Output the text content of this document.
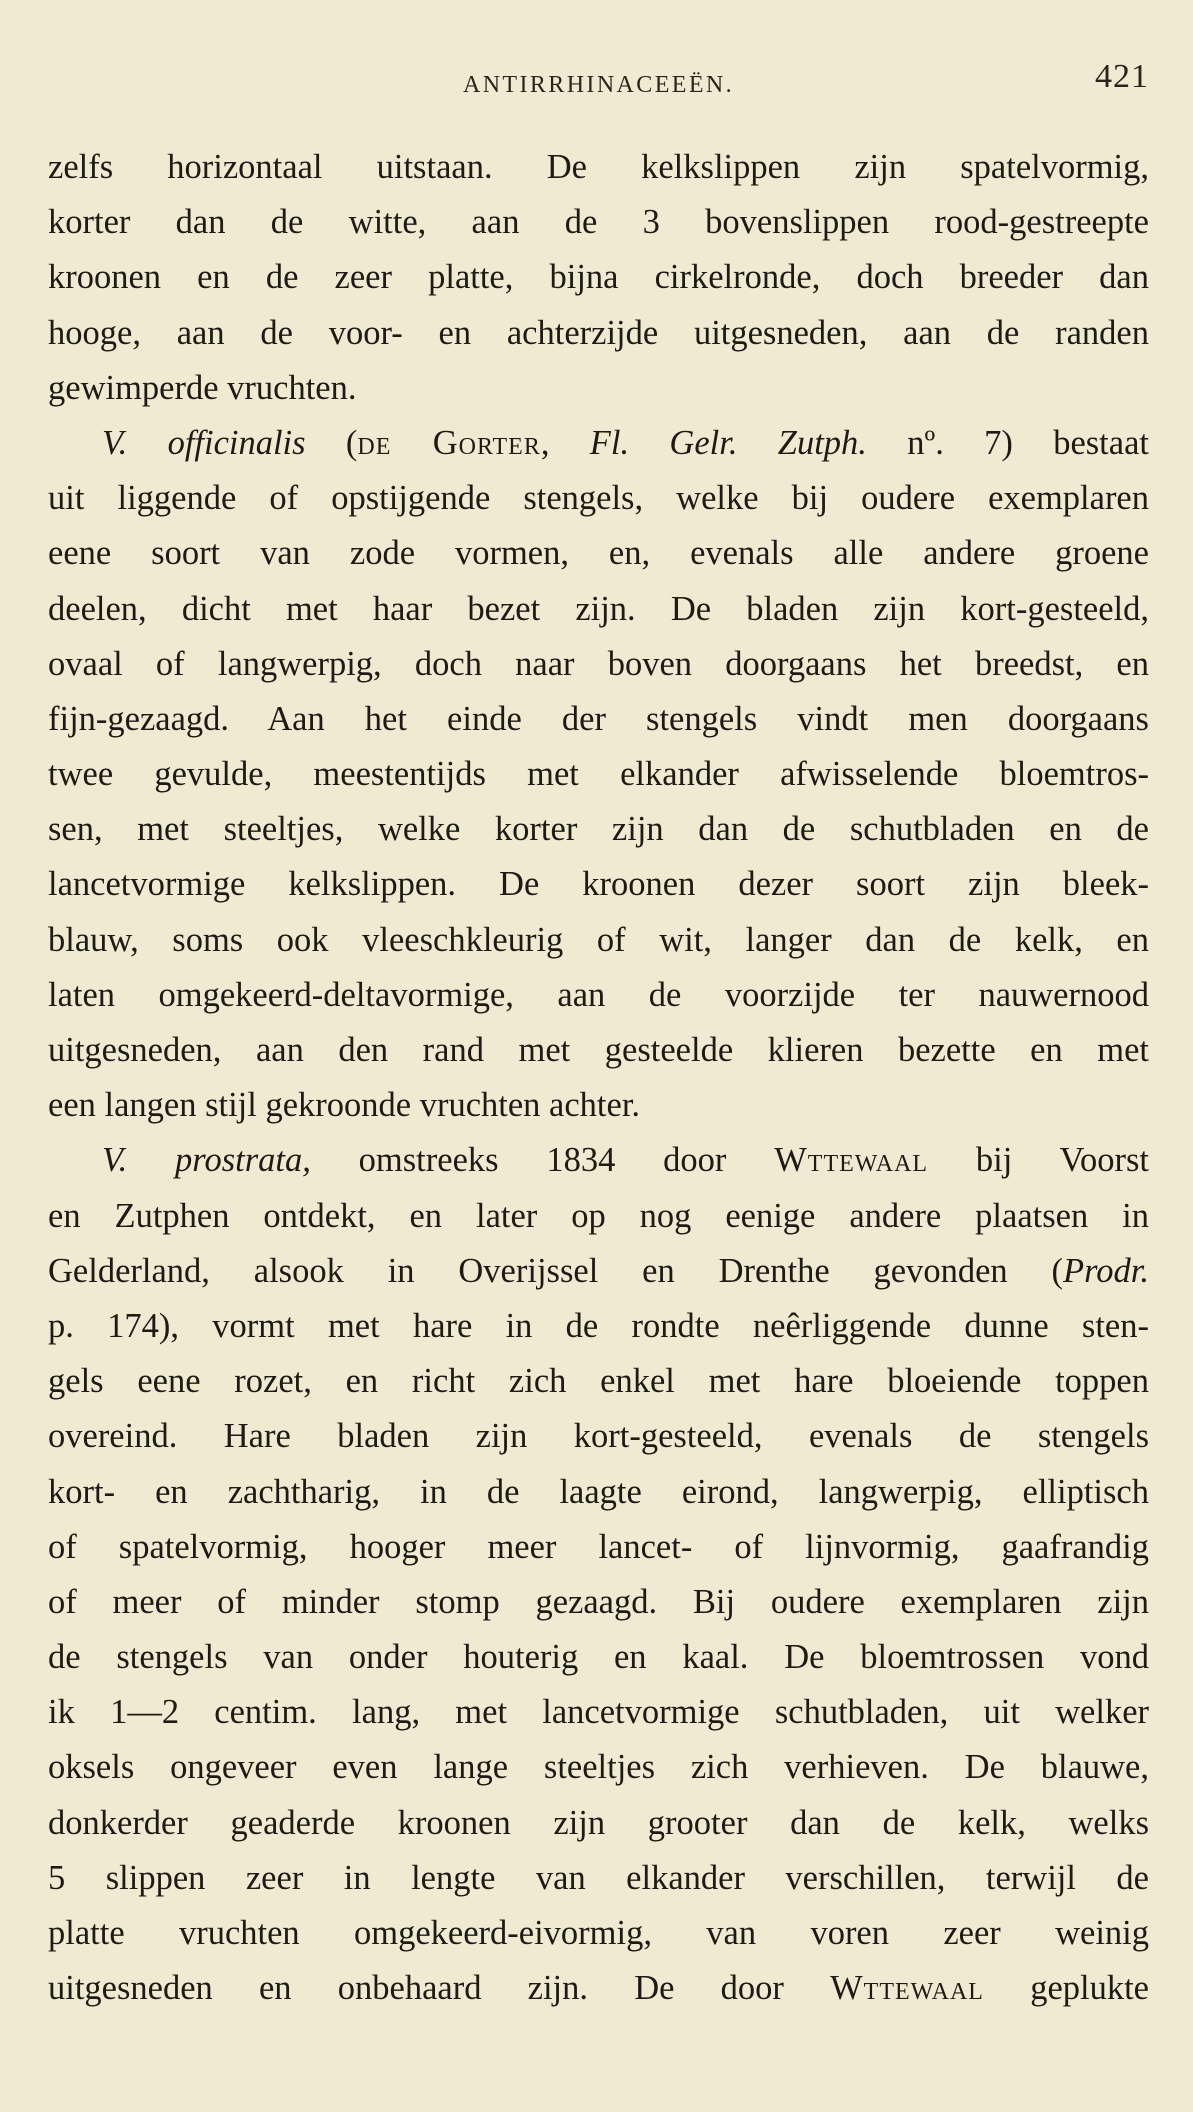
ANTIRRHINACEEËN.	421
zelfs horizontaal uitstaan. De kelkslippen zijn spatelvormig,
korter dan de witte, aan de 3 bovenslippen rood-gestreepte
kroonen en de zeer platte, bijna cirkelronde, doch breeder dan
hooge, aan de voor- en achterzijde uitgesneden, aan de randen
gewimperde vruchten.
V. officinalis (de Gorter, Fl. Gelr. Zutph. nº. 7) bestaat
uit liggende of opstijgende stengels, welke bij oudere exemplaren
eene soort van zode vormen, en, evenals alle andere groene
deelen, dicht met haar bezet zijn. De bladen zijn kort-gesteeld,
ovaal of langwerpig, doch naar boven doorgaans het breedst, en
fijn-gezaagd. Aan het einde der stengels vindt men doorgaans
twee gevulde, meestentijds met elkander afwisselende bloemtros-
sen, met steeltjes, welke korter zijn dan de schutbladen en de
lancetvormige kelkslippen. De kroonen dezer soort zijn bleek-
blauw, soms ook vleeschkleurig of wit, langer dan de kelk, en
laten omgekeerd-deltavormige, aan de voorzijde ter nauwernood
uitgesneden, aan den rand met gesteelde klieren bezette en met
een langen stijl gekroonde vruchten achter.
V. prostrata, omstreeks 1834 door Wttewaal bij Voorst
en Zutphen ontdekt, en later op nog eenige andere plaatsen in
Gelderland, alsook in Overijssel en Drenthe gevonden (Prodr.
p. 174), vormt met hare in de rondte neêrliggende dunne sten-
gels eene rozet, en richt zich enkel met hare bloeiende toppen
overeind. Hare bladen zijn kort-gesteeld, evenals de stengels
kort- en zachtharig, in de laagte eirond, langwerpig, elliptisch
of spatelvormig, hooger meer lancet- of lijnvormig, gaafrandig
of meer of minder stomp gezaagd. Bij oudere exemplaren zijn
de stengels van onder houterig en kaal. De bloemtrossen vond
ik 1—2 centim. lang, met lancetvormige schutbladen, uit welker
oksels ongeveer even lange steeltjes zich verhieven. De blauwe,
donkerder geaderde kroonen zijn grooter dan de kelk, welks
5 slippen zeer in lengte van elkander verschillen, terwijl de
platte vruchten omgekeerd-eivormig, van voren zeer weinig
uitgesneden en onbehaard zijn. De door Wttewaal geplukte
